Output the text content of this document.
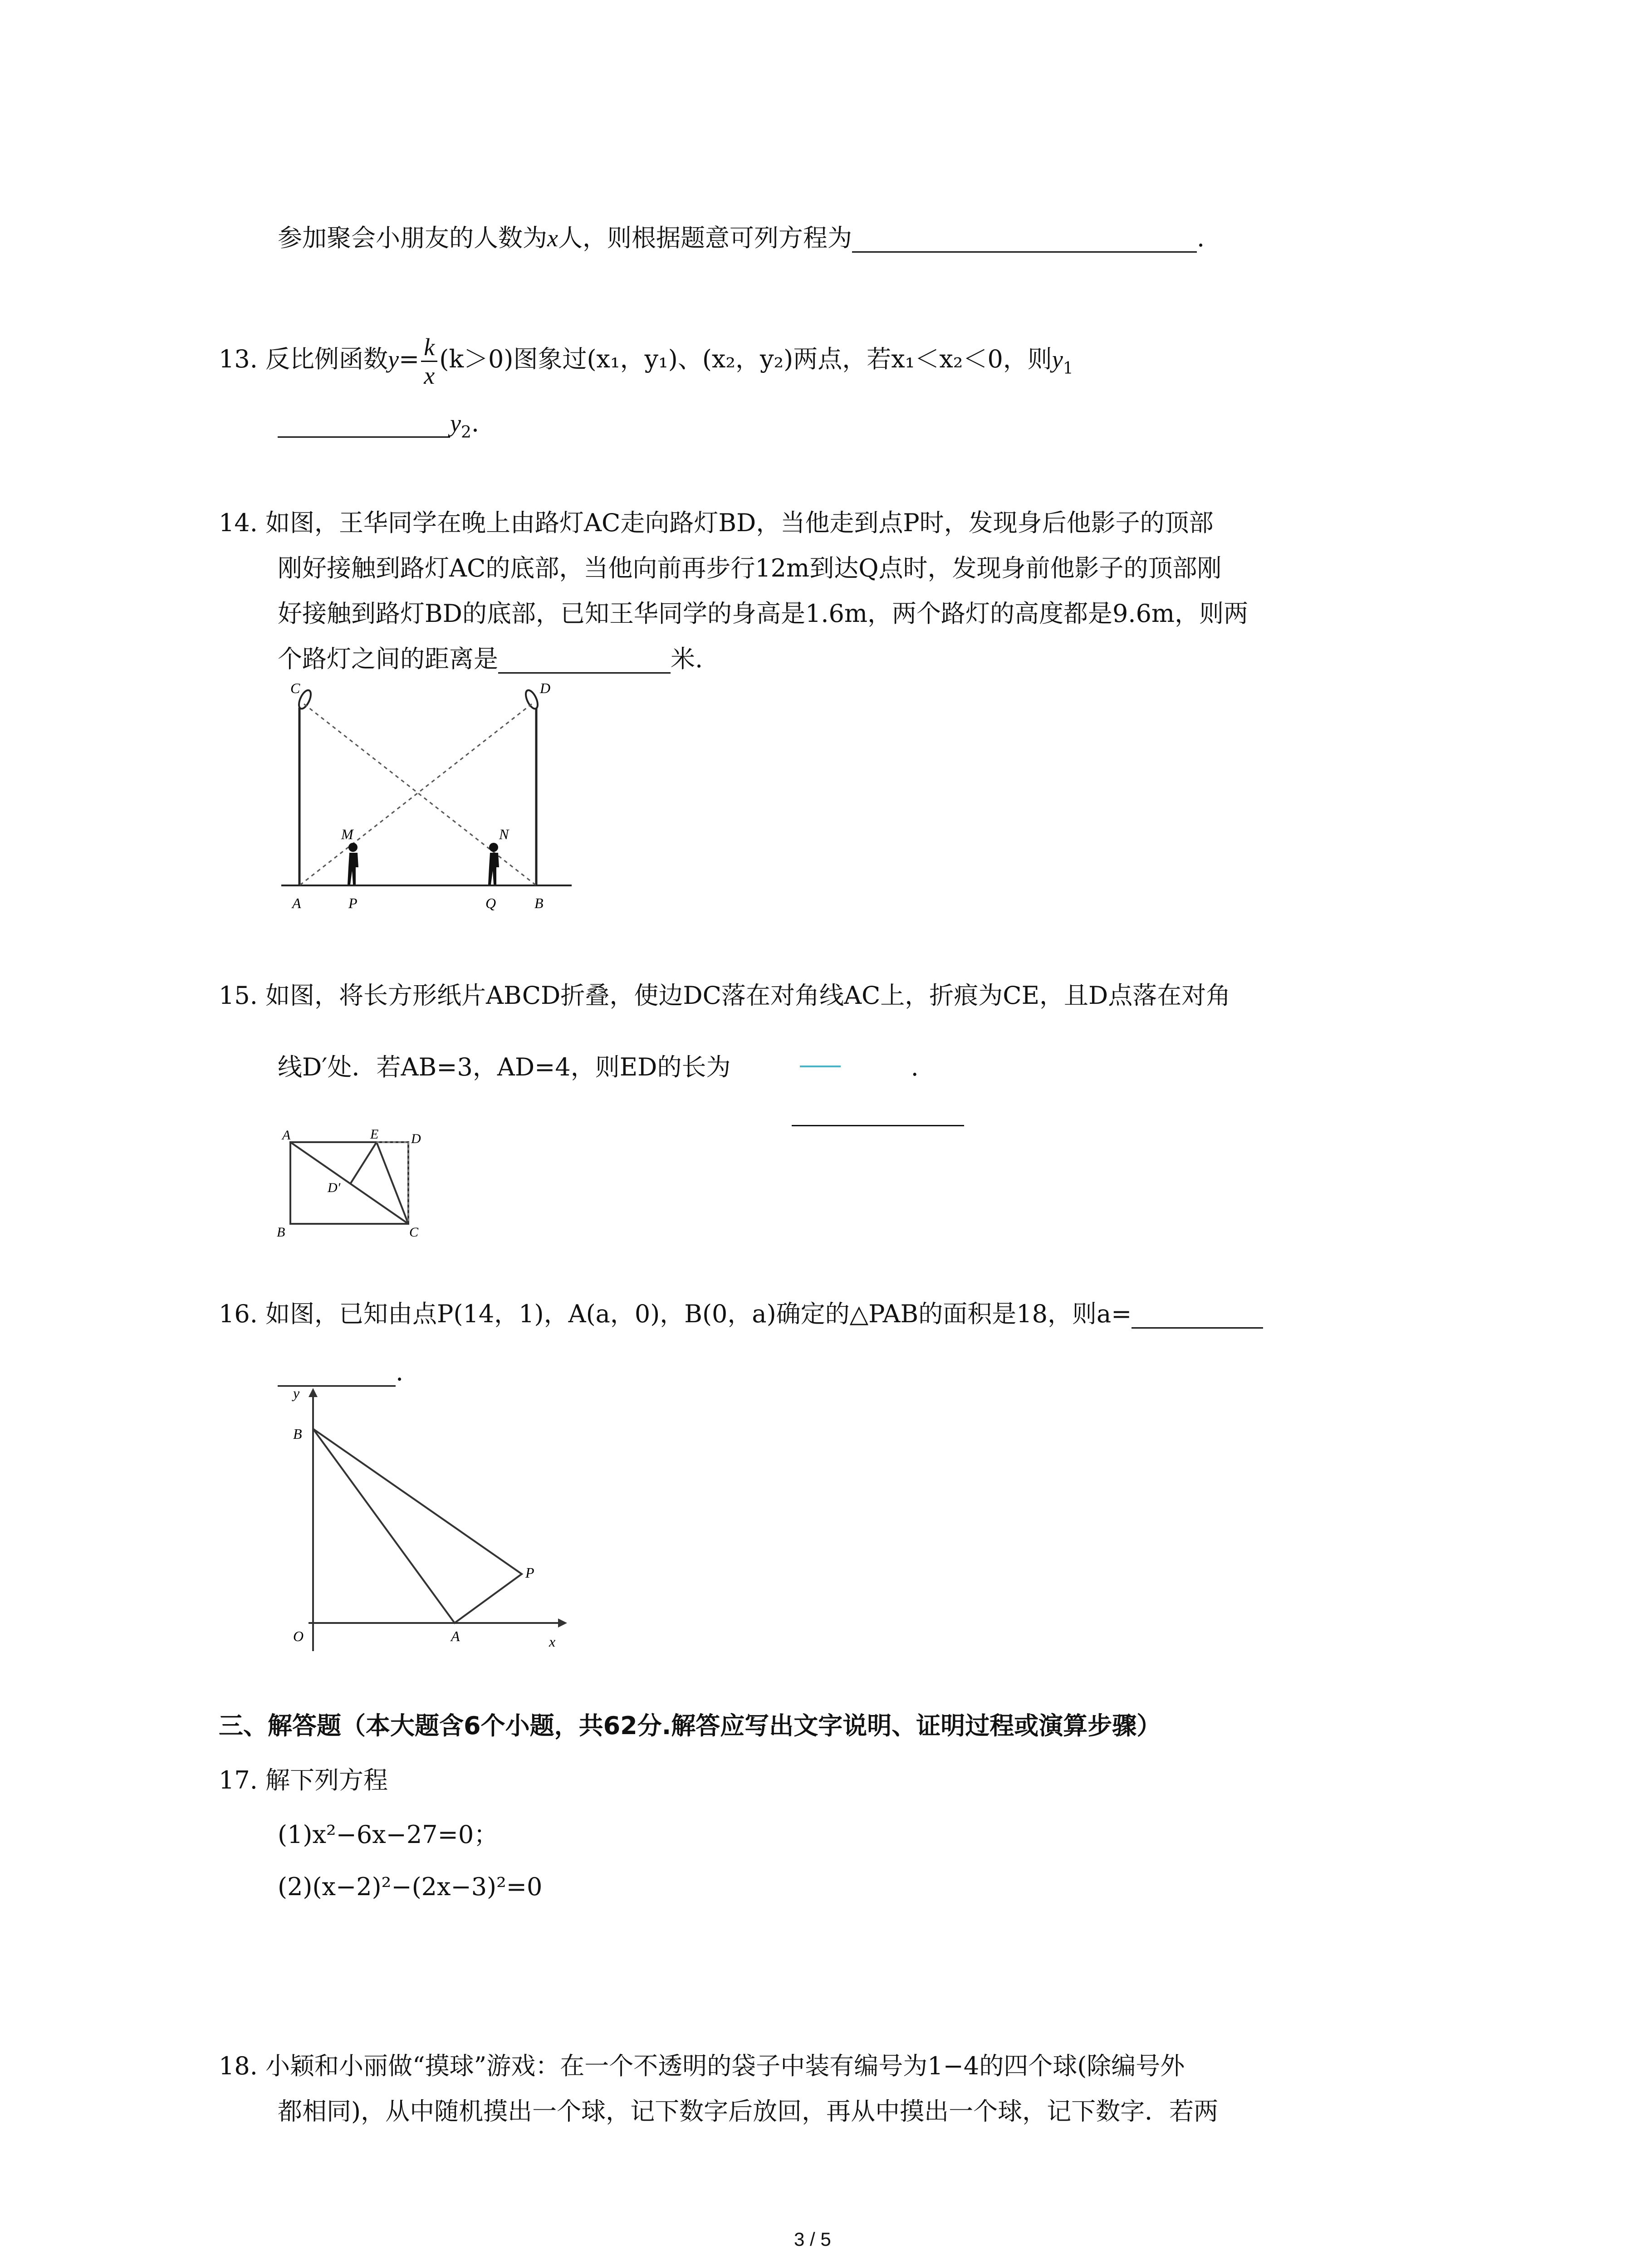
参加聚会小朋友的人数为x人，则根据题意可列方程为	.
13. 反比例函数$y= \frac{k}{x} (k>0)$图象过(x₁，y₁)、(x₂，y₂)两点，若x₁＜x₂＜0，则$y_1$
$y_2$.
14. 如图，王华同学在晚上由路灯AC走向路灯BD，当他走到点P时，发现身后他影子的顶部
刚好接触到路灯AC的底部，当他向前再步行12m到达Q点时，发现身前他影子的顶部刚
好接触到路灯BD的底部，已知王华同学的身高是1.6m，两个路灯的高度都是9.6m，则两
个路灯之间的距离是	米.
C	D
M	N
A	P	Q	B
15. 如图，将长方形纸片ABCD折叠，使边DC落在对角线AC上，折痕为CE，且D点落在对角
线D′处．若AB=3，AD=4，则ED的长为	.
A	E D
D′
B	C
16. 如图，已知由点P(14，1)，A(a，0)，B(0，a)确定的△PAB的面积是18，则a=
.
y
B
P
O	A	x
三、解答题（本大题含6个小题，共62分.解答应写出文字说明、证明过程或演算步骤）
17. 解下列方程
(1)x²−6x−27=0；
(2)(x−2)²−(2x−3)²=0
18. 小颖和小丽做“摸球”游戏：在一个不透明的袋子中装有编号为1−4的四个球(除编号外
都相同)，从中随机摸出一个球，记下数字后放回，再从中摸出一个球，记下数字．若两
3 / 5
